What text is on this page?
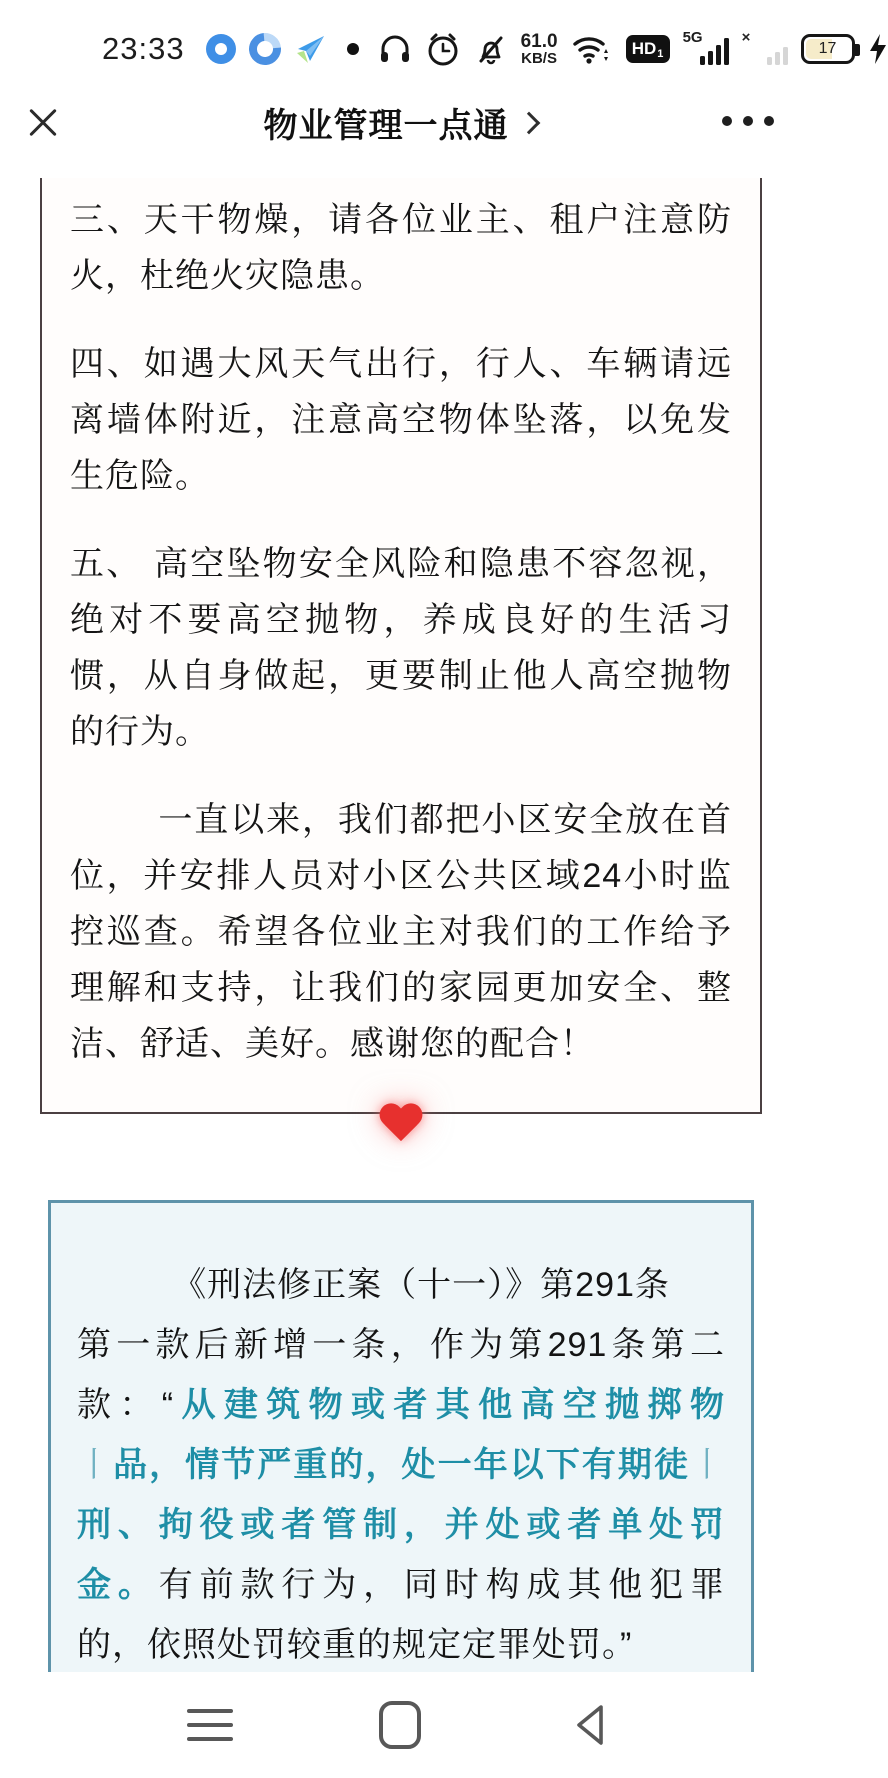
23:33	61.0
KB/S
HD 1
5G	×
17
物业管理一点通

三、天干物燥，请各位业主、租户注意防火，杜绝火灾隐患。

四、如遇大风天气出行，行人、车辆请远离墙体附近，注意高空物体坠落，以免发生危险。

五、 高空坠物安全风险和隐患不容忽视，绝对不要高空抛物，养成良好的生活习惯，从自身做起，更要制止他人高空抛物的行为。

一直以来，我们都把小区安全放在首位，并安排人员对小区公共区域24小时监控巡查。希望各位业主对我们的工作给予理解和支持，让我们的家园更加安全、整洁、舒适、美好。感谢您的配合！

《刑法修正案（十一）》第291条
第一款后新增一条，作为第291条第二
款：“从建筑物或者其他高空抛掷物
丨品，情节严重的，处一年以下有期徒丨
刑、拘役或者管制，并处或者单处罚
金。有前款行为，同时构成其他犯罪
的，依照处罚较重的规定定罪处罚。”
